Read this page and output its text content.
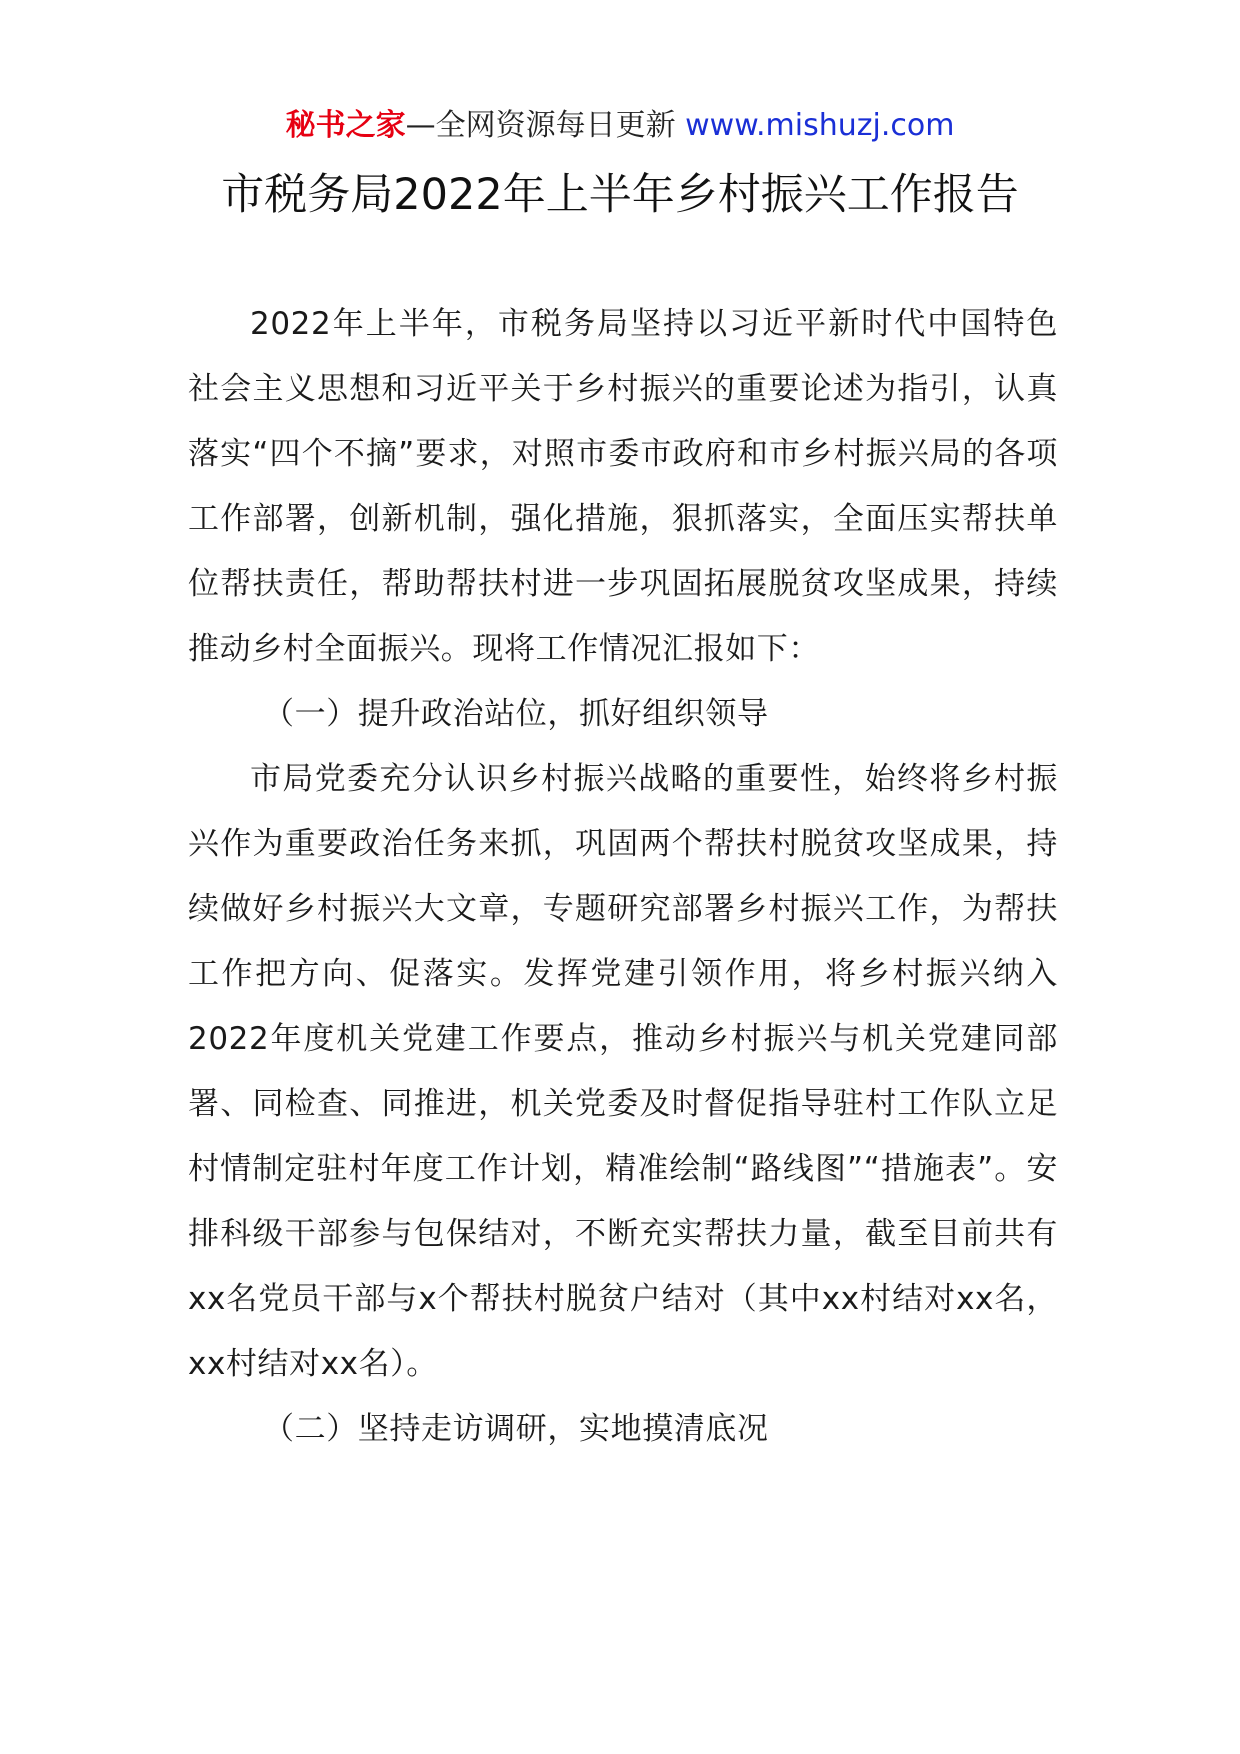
秘书之家—全网资源每日更新 www.mishuzj.com
市税务局2022年上半年乡村振兴工作报告

2022年上半年，市税务局坚持以习近平新时代中国特色社会主义思想和习近平关于乡村振兴的重要论述为指引，认真落实“四个不摘”要求，对照市委市政府和市乡村振兴局的各项工作部署，创新机制，强化措施，狠抓落实，全面压实帮扶单位帮扶责任，帮助帮扶村进一步巩固拓展脱贫攻坚成果，持续推动乡村全面振兴。现将工作情况汇报如下：

（一）提升政治站位，抓好组织领导

市局党委充分认识乡村振兴战略的重要性，始终将乡村振兴作为重要政治任务来抓，巩固两个帮扶村脱贫攻坚成果，持续做好乡村振兴大文章，专题研究部署乡村振兴工作，为帮扶工作把方向、促落实。发挥党建引领作用，将乡村振兴纳入2022年度机关党建工作要点，推动乡村振兴与机关党建同部署、同检查、同推进，机关党委及时督促指导驻村工作队立足村情制定驻村年度工作计划，精准绘制“路线图”“措施表”。安排科级干部参与包保结对，不断充实帮扶力量，截至目前共有xx名党员干部与x个帮扶村脱贫户结对（其中xx村结对xx名，xx村结对xx名）。

（二）坚持走访调研，实地摸清底况
